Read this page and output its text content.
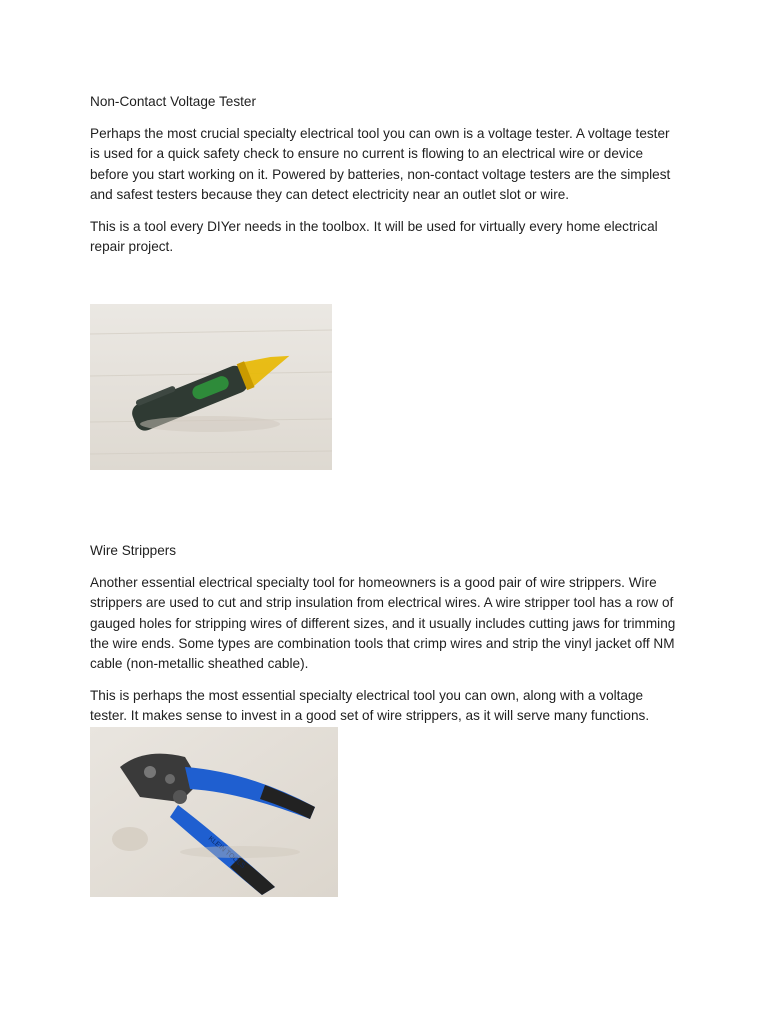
Non-Contact Voltage Tester

Perhaps the most crucial specialty electrical tool you can own is a voltage tester. A voltage tester is used for a quick safety check to ensure no current is flowing to an electrical wire or device before you start working on it. Powered by batteries, non-contact voltage testers are the simplest and safest testers because they can detect electricity near an outlet slot or wire.

This is a tool every DIYer needs in the toolbox. It will be used for virtually every home electrical repair project.

Wire Strippers

Another essential electrical specialty tool for homeowners is a good pair of wire strippers. Wire strippers are used to cut and strip insulation from electrical wires. A wire stripper tool has a row of gauged holes for stripping wires of different sizes, and it usually includes cutting jaws for trimming the wire ends. Some types are combination tools that crimp wires and strip the vinyl jacket off NM cable (non-metallic sheathed cable).

This is perhaps the most essential specialty electrical tool you can own, along with a voltage tester. It makes sense to invest in a good set of wire strippers, as it will serve many functions.

KLEIN TOOLS
